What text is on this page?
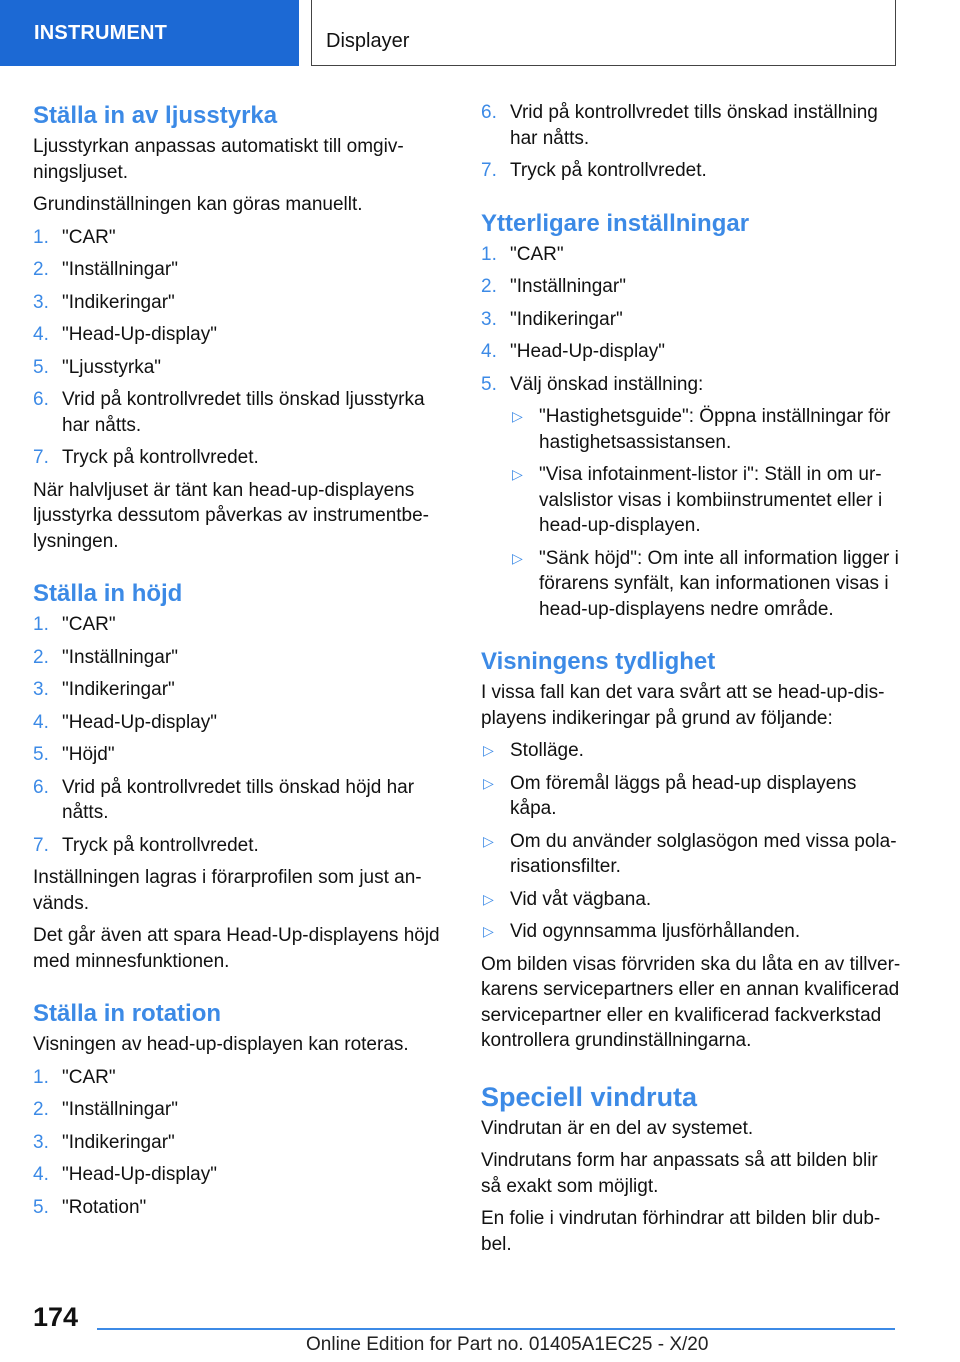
INSTRUMENT	Displayer
Ställa in av ljusstyrka

Ljusstyrkan anpassas automatiskt till omgiv-ningsljuset.

Grundinställningen kan göras manuellt.

1. "CAR"
2. "Inställningar"
3. "Indikeringar"
4. "Head-Up-display"
5. "Ljusstyrka"
6. Vrid på kontrollvredet tills önskad ljusstyrka har nåtts.
7. Tryck på kontrollvredet.

När halvljuset är tänt kan head-up-displayens ljusstyrka dessutom påverkas av instrumentbe-lysningen.

Ställa in höjd
1. "CAR"
2. "Inställningar"
3. "Indikeringar"
4. "Head-Up-display"
5. "Höjd"
6. Vrid på kontrollvredet tills önskad höjd har nåtts.
7. Tryck på kontrollvredet.

Inställningen lagras i förarprofilen som just an-vänds.

Det går även att spara Head-Up-displayens höjd med minnesfunktionen.

Ställa in rotation

Visningen av head-up-displayen kan roteras.

1. "CAR"
2. "Inställningar"
3. "Indikeringar"
4. "Head-Up-display"
5. "Rotation"
6. Vrid på kontrollvredet tills önskad inställning har nåtts.
7. Tryck på kontrollvredet.
Ytterligare inställningar
1. "CAR"
2. "Inställningar"
3. "Indikeringar"
4. "Head-Up-display"
5. Välj önskad inställning:
▷ "Hastighetsguide": Öppna inställningar för hastighetsassistansen.
▷ "Visa infotainment-listor i": Ställ in om ur-valslistor visas i kombiinstrumentet eller i head-up-displayen.
▷ "Sänk höjd": Om inte all information ligger i förarens synfält, kan informationen visas i head-up-displayens nedre område.
Visningens tydlighet

I vissa fall kan det vara svårt att se head-up-dis-playens indikeringar på grund av följande:

▷ Stolläge.
▷ Om föremål läggs på head-up displayens kåpa.
▷ Om du använder solglasögon med vissa pola-risationsfilter.
▷ Vid våt vägbana.
▷ Vid ogynnsamma ljusförhållanden.

Om bilden visas förvriden ska du låta en av tillver-karens servicepartners eller en annan kvalificerad servicepartner eller en kvalificerad fackverkstad kontrollera grundinställningarna.

Speciell vindruta

Vindrutan är en del av systemet.

Vindrutans form har anpassats så att bilden blir så exakt som möjligt.

En folie i vindrutan förhindrar att bilden blir dub-bel.

174
Online Edition for Part no. 01405A1EC25 - X/20
